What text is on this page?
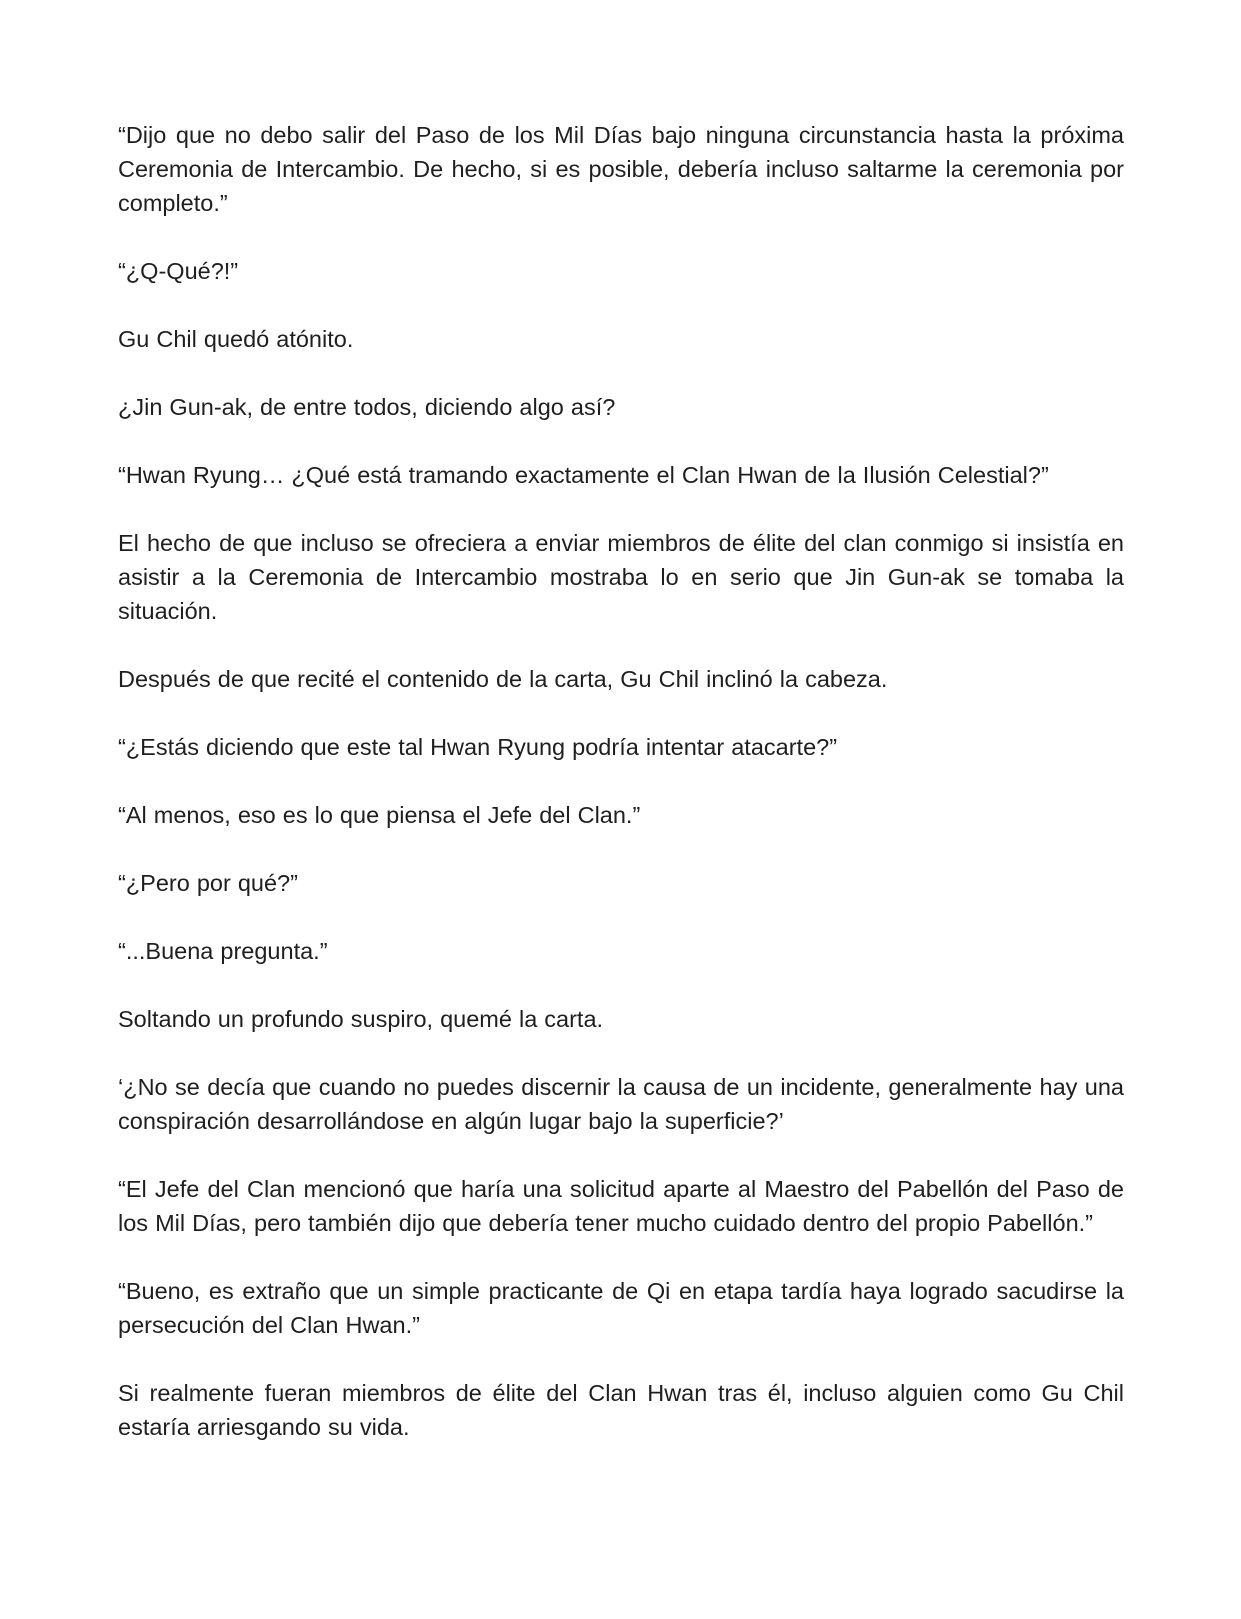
“Dijo que no debo salir del Paso de los Mil Días bajo ninguna circunstancia hasta la próxima Ceremonia de Intercambio. De hecho, si es posible, debería incluso saltarme la ceremonia por completo.”

“¿Q-Qué?!”

Gu Chil quedó atónito.

¿Jin Gun-ak, de entre todos, diciendo algo así?

“Hwan Ryung… ¿Qué está tramando exactamente el Clan Hwan de la Ilusión Celestial?”

El hecho de que incluso se ofreciera a enviar miembros de élite del clan conmigo si insistía en asistir a la Ceremonia de Intercambio mostraba lo en serio que Jin Gun-ak se tomaba la situación.

Después de que recité el contenido de la carta, Gu Chil inclinó la cabeza.

“¿Estás diciendo que este tal Hwan Ryung podría intentar atacarte?”

“Al menos, eso es lo que piensa el Jefe del Clan.”

“¿Pero por qué?”

“...Buena pregunta.”

Soltando un profundo suspiro, quemé la carta.

‘¿No se decía que cuando no puedes discernir la causa de un incidente, generalmente hay una conspiración desarrollándose en algún lugar bajo la superficie?’

“El Jefe del Clan mencionó que haría una solicitud aparte al Maestro del Pabellón del Paso de los Mil Días, pero también dijo que debería tener mucho cuidado dentro del propio Pabellón.”

“Bueno, es extraño que un simple practicante de Qi en etapa tardía haya logrado sacudirse la persecución del Clan Hwan.”

Si realmente fueran miembros de élite del Clan Hwan tras él, incluso alguien como Gu Chil estaría arriesgando su vida.
